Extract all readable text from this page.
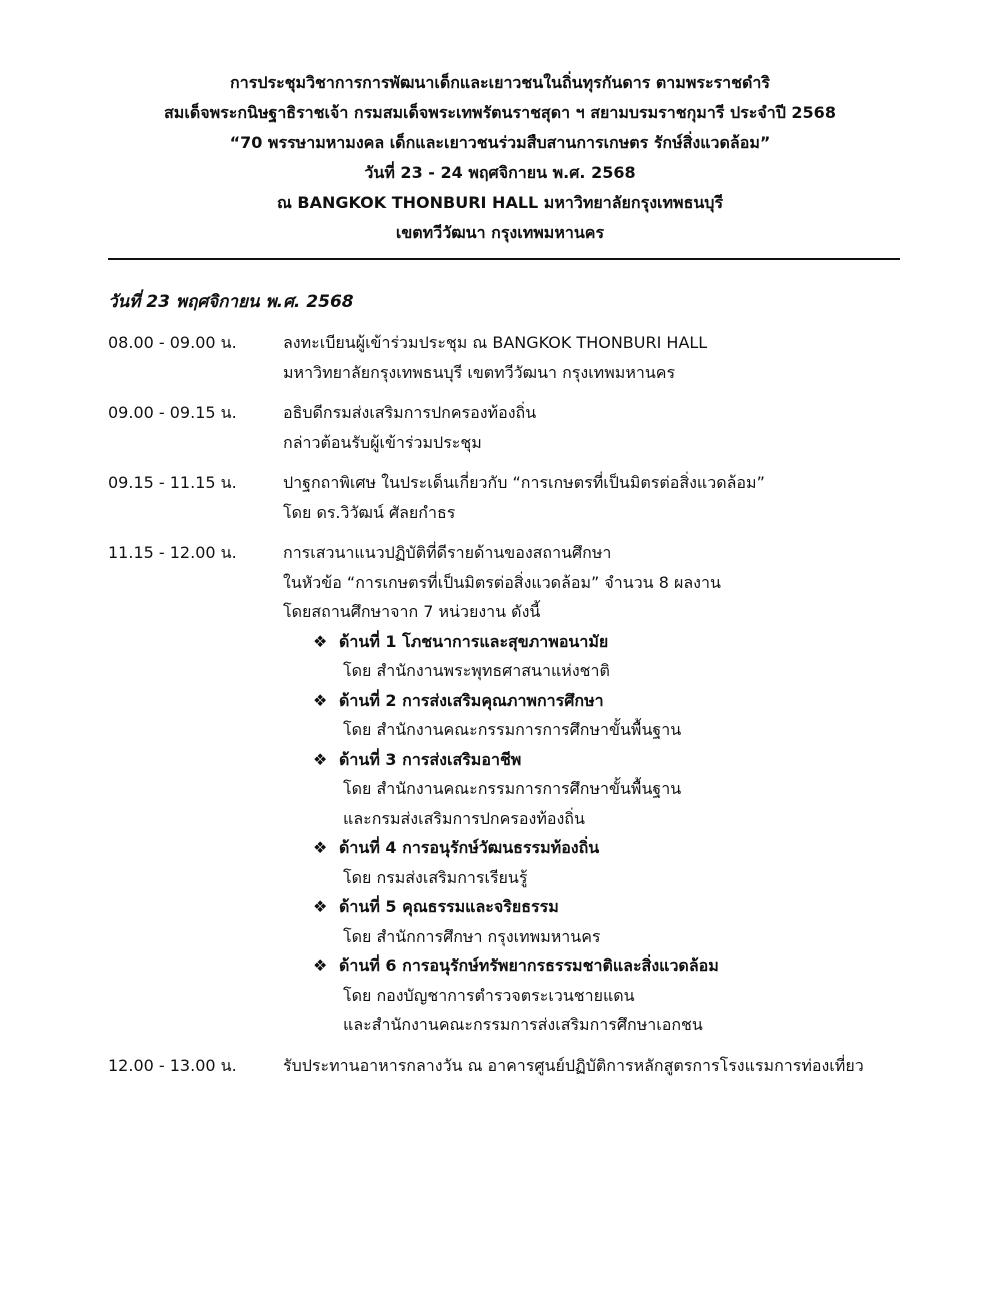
การประชุมวิชาการการพัฒนาเด็กและเยาวชนในถิ่นทุรกันดาร ตามพระราชดำริ
สมเด็จพระกนิษฐาธิราชเจ้า กรมสมเด็จพระเทพรัตนราชสุดา ฯ สยามบรมราชกุมารี ประจำปี 2568
“70 พรรษามหามงคล เด็กและเยาวชนร่วมสืบสานการเกษตร รักษ์สิ่งแวดล้อม”
วันที่ 23 - 24 พฤศจิกายน พ.ศ. 2568
ณ BANGKOK THONBURI HALL มหาวิทยาลัยกรุงเทพธนบุรี
เขตทวีวัฒนา กรุงเทพมหานคร
วันที่ 23 พฤศจิกายน พ.ศ. 2568
08.00 - 09.00 น.	ลงทะเบียนผู้เข้าร่วมประชุม ณ BANGKOK THONBURI HALL
มหาวิทยาลัยกรุงเทพธนบุรี เขตทวีวัฒนา กรุงเทพมหานคร
09.00 - 09.15 น.	อธิบดีกรมส่งเสริมการปกครองท้องถิ่น
กล่าวต้อนรับผู้เข้าร่วมประชุม
09.15 - 11.15 น.	ปาฐกถาพิเศษ ในประเด็นเกี่ยวกับ “การเกษตรที่เป็นมิตรต่อสิ่งแวดล้อม”
โดย ดร.วิวัฒน์ ศัลยกำธร
11.15 - 12.00 น.	การเสวนาแนวปฏิบัติที่ดีรายด้านของสถานศึกษา
ในหัวข้อ “การเกษตรที่เป็นมิตรต่อสิ่งแวดล้อม” จำนวน 8 ผลงาน
โดยสถานศึกษาจาก 7 หน่วยงาน ดังนี้
❖ ด้านที่ 1 โภชนาการและสุขภาพอนามัย
โดย สำนักงานพระพุทธศาสนาแห่งชาติ
❖ ด้านที่ 2 การส่งเสริมคุณภาพการศึกษา
โดย สำนักงานคณะกรรมการการศึกษาขั้นพื้นฐาน
❖ ด้านที่ 3 การส่งเสริมอาชีพ
โดย สำนักงานคณะกรรมการการศึกษาขั้นพื้นฐาน
และกรมส่งเสริมการปกครองท้องถิ่น
❖ ด้านที่ 4 การอนุรักษ์วัฒนธรรมท้องถิ่น
โดย กรมส่งเสริมการเรียนรู้
❖ ด้านที่ 5 คุณธรรมและจริยธรรม
โดย สำนักการศึกษา กรุงเทพมหานคร
❖ ด้านที่ 6 การอนุรักษ์ทรัพยากรธรรมชาติและสิ่งแวดล้อม
โดย กองบัญชาการตำรวจตระเวนชายแดน
และสำนักงานคณะกรรมการส่งเสริมการศึกษาเอกชน
12.00 - 13.00 น.	รับประทานอาหารกลางวัน ณ อาคารศูนย์ปฏิบัติการหลักสูตรการโรงแรมการท่องเที่ยว
